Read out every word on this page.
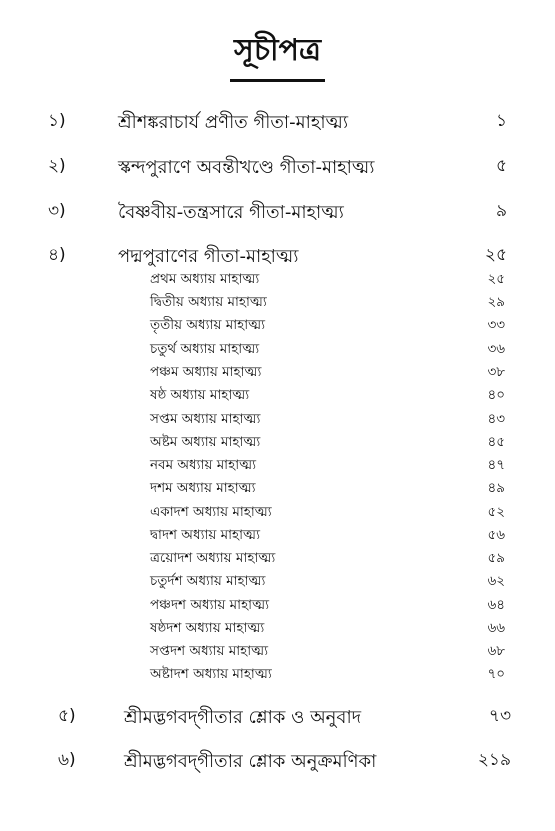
সূচীপত্র
১)	শ্রীশঙ্করাচার্য প্রণীত গীতা-মাহাত্ম্য	১
২)	স্কন্দপুরাণে অবন্তীখণ্ডে গীতা-মাহাত্ম্য	৫
৩)	বৈষ্ণবীয়-তন্ত্রসারে গীতা-মাহাত্ম্য	৯
৪)	পদ্মপুরাণের গীতা-মাহাত্ম্য	২৫
প্রথম অধ্যায় মাহাত্ম্য	২৫
দ্বিতীয় অধ্যায় মাহাত্ম্য	২৯
তৃতীয় অধ্যায় মাহাত্ম্য	৩৩
চতুর্থ অধ্যায় মাহাত্ম্য	৩৬
পঞ্চম অধ্যায় মাহাত্ম্য	৩৮
ষষ্ঠ অধ্যায় মাহাত্ম্য	৪০
সপ্তম অধ্যায় মাহাত্ম্য	৪৩
অষ্টম অধ্যায় মাহাত্ম্য	৪৫
নবম অধ্যায় মাহাত্ম্য	৪৭
দশম অধ্যায় মাহাত্ম্য	৪৯
একাদশ অধ্যায় মাহাত্ম্য	৫২
দ্বাদশ অধ্যায় মাহাত্ম্য	৫৬
ত্রয়োদশ অধ্যায় মাহাত্ম্য	৫৯
চতুর্দশ অধ্যায় মাহাত্ম্য	৬২
পঞ্চদশ অধ্যায় মাহাত্ম্য	৬৪
ষষ্ঠদশ অধ্যায় মাহাত্ম্য	৬৬
সপ্তদশ অধ্যায় মাহাত্ম্য	৬৮
অষ্টাদশ অধ্যায় মাহাত্ম্য	৭০
৫)	শ্রীমদ্ভগবদ্‌গীতার শ্লোক ও অনুবাদ	৭৩
৬)	শ্রীমদ্ভগবদ্‌গীতার শ্লোক অনুক্রমণিকা	২১৯
